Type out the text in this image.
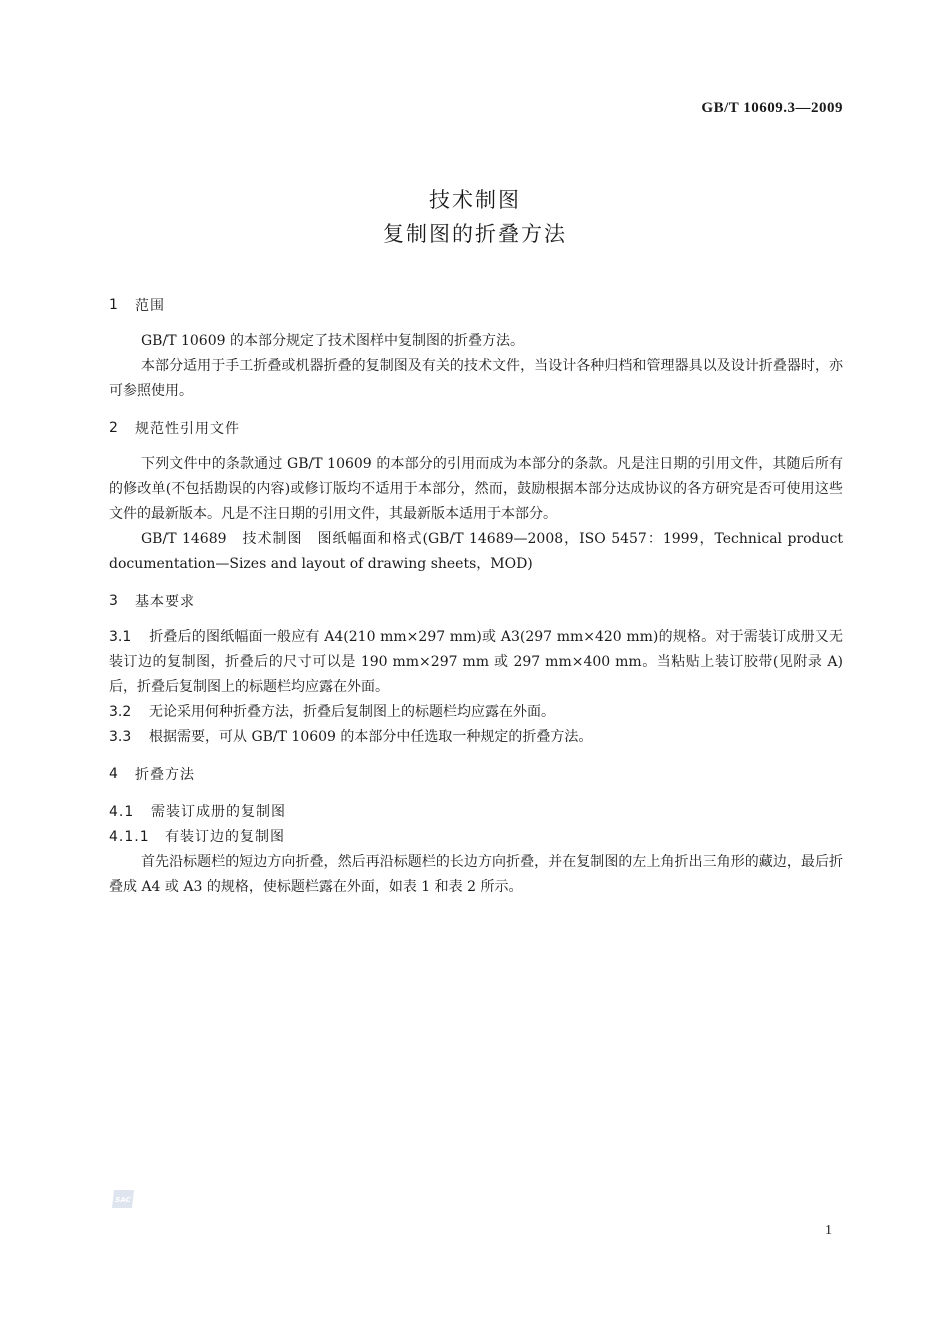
GB/T 10609.3—2009
技术制图
复制图的折叠方法
1	范围

GB/T 10609 的本部分规定了技术图样中复制图的折叠方法。

本部分适用于手工折叠或机器折叠的复制图及有关的技术文件，当设计各种归档和管理器具以及设计折叠器时，亦可参照使用。

2	规范性引用文件

下列文件中的条款通过 GB/T 10609 的本部分的引用而成为本部分的条款。凡是注日期的引用文件，其随后所有的修改单(不包括勘误的内容)或修订版均不适用于本部分，然而，鼓励根据本部分达成协议的各方研究是否可使用这些文件的最新版本。凡是不注日期的引用文件，其最新版本适用于本部分。

GB/T 14689　技术制图　图纸幅面和格式(GB/T 14689—2008，ISO 5457：1999，Technical product documentation—Sizes and layout of drawing sheets，MOD)

3	基本要求

3.1 折叠后的图纸幅面一般应有 A4(210 mm×297 mm)或 A3(297 mm×420 mm)的规格。对于需装订成册又无装订边的复制图，折叠后的尺寸可以是 190 mm×297 mm 或 297 mm×400 mm。当粘贴上装订胶带(见附录 A)后，折叠后复制图上的标题栏均应露在外面。

3.2 无论采用何种折叠方法，折叠后复制图上的标题栏均应露在外面。

3.3 根据需要，可从 GB/T 10609 的本部分中任选取一种规定的折叠方法。

4	折叠方法
4.1	需装订成册的复制图
4.1.1	有装订边的复制图

首先沿标题栏的短边方向折叠，然后再沿标题栏的长边方向折叠，并在复制图的左上角折出三角形的藏边，最后折叠成 A4 或 A3 的规格，使标题栏露在外面，如表 1 和表 2 所示。

SAC
1
